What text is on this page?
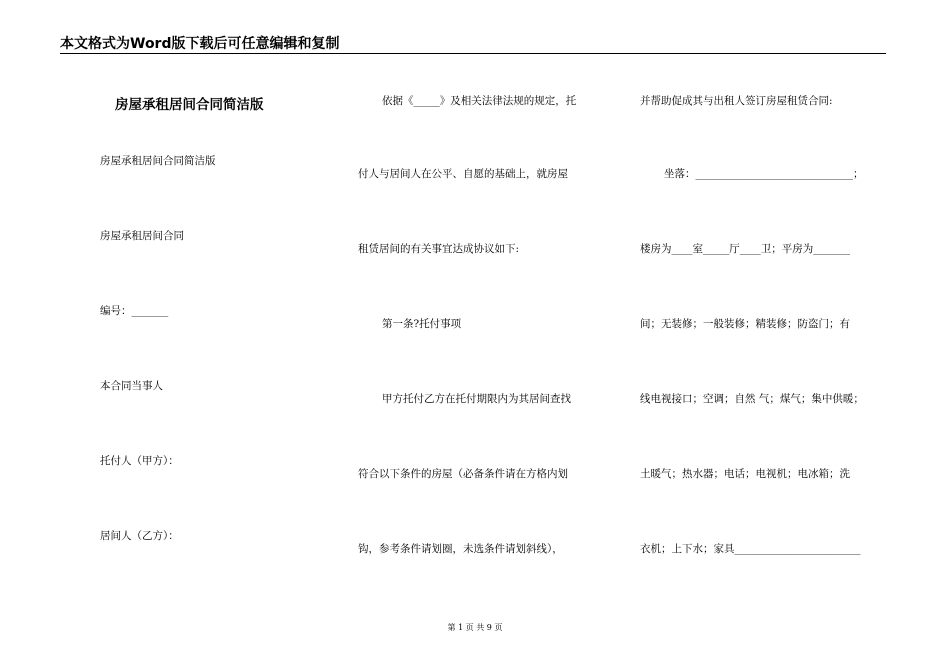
本文格式为Word版下载后可任意编辑和复制
房屋承租居间合同简洁版
房屋承租居间合同简洁版
房屋承租居间合同
编号：_______
本合同当事人
托付人（甲方）：
居间人（乙方）：
依据《_____》及相关法律法规的规定，托
付人与居间人在公平、自愿的基础上，就房屋
租赁居间的有关事宜达成协议如下:
第一条?托付事项
甲方托付乙方在托付期限内为其居间查找
符合以下条件的房屋（必备条件请在方格内划
钩，参考条件请划圈，未选条件请划斜线），
并帮助促成其与出租人签订房屋租赁合同:
坐落：______________________________；
楼房为____室_____厅____卫；平房为_______
间；无装修；一般装修；精装修；防盗门；有
线电视接口；空调；自然 气；煤气；集中供暖；
土暖气；热水器；电话；电视机；电冰箱；洗
衣机；上下水；家具________________________
第 1 页 共 9 页
